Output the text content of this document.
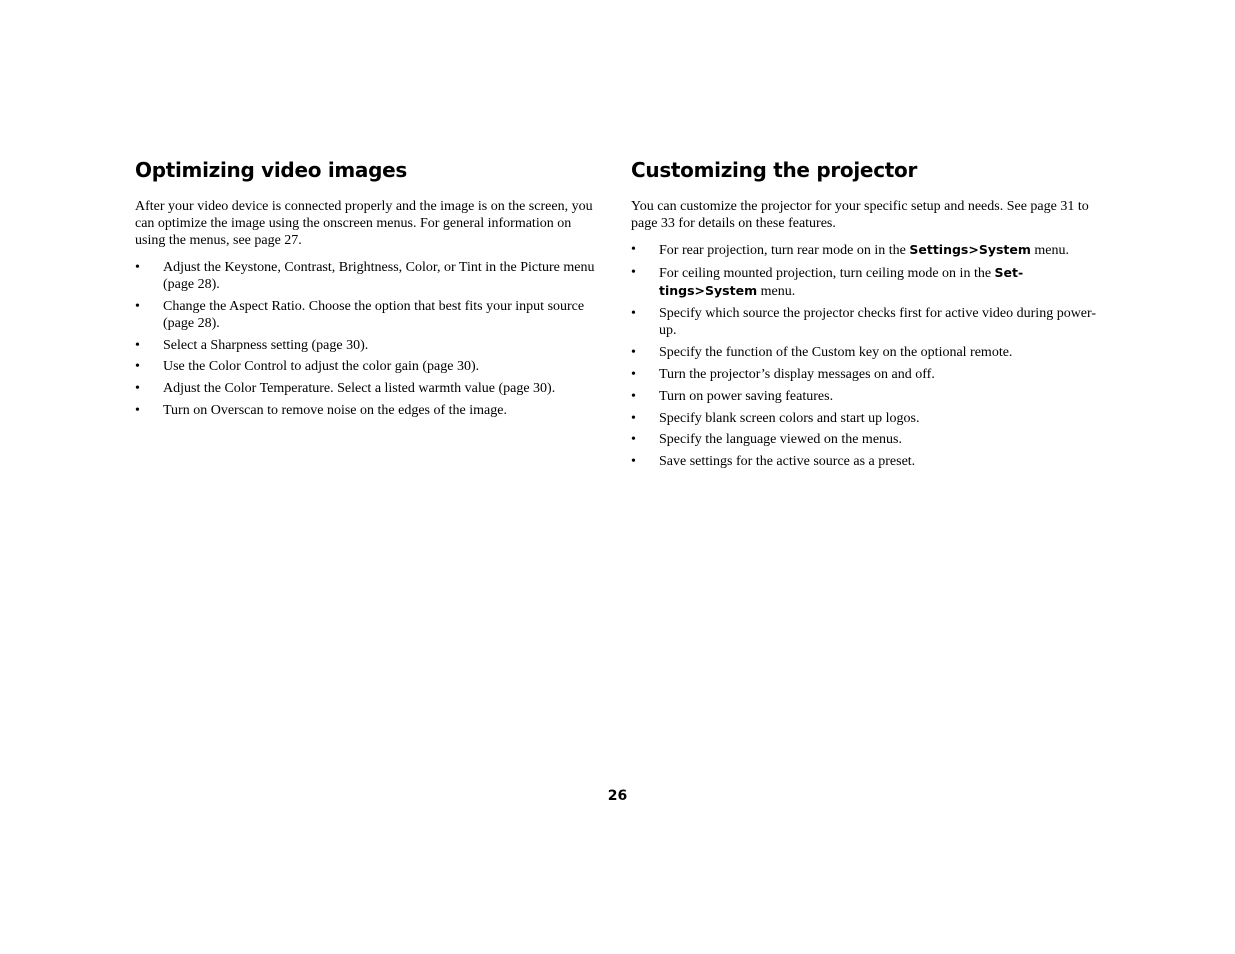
Optimizing video images

After your video device is connected properly and the image is on the screen, you can optimize the image using the onscreen menus. For general information on using the menus, see page 27.

•	Adjust the Keystone, Contrast, Brightness, Color, or Tint in the Picture menu (page 28).
•	Change the Aspect Ratio. Choose the option that best fits your input source (page 28).
•	Select a Sharpness setting (page 30).
•	Use the Color Control to adjust the color gain (page 30).
•	Adjust the Color Temperature. Select a listed warmth value (page 30).
•	Turn on Overscan to remove noise on the edges of the image.
Customizing the projector

You can customize the projector for your specific setup and needs. See page 31 to page 33 for details on these features.

•	For rear projection, turn rear mode on in the Settings>System menu.
•	For ceiling mounted projection, turn ceiling mode on in the Set-
tings>System menu.
•	Specify which source the projector checks first for active video during power-up.
•	Specify the function of the Custom key on the optional remote.
•	Turn the projector’s display messages on and off.
•	Turn on power saving features.
•	Specify blank screen colors and start up logos.
•	Specify the language viewed on the menus.
•	Save settings for the active source as a preset.
26
